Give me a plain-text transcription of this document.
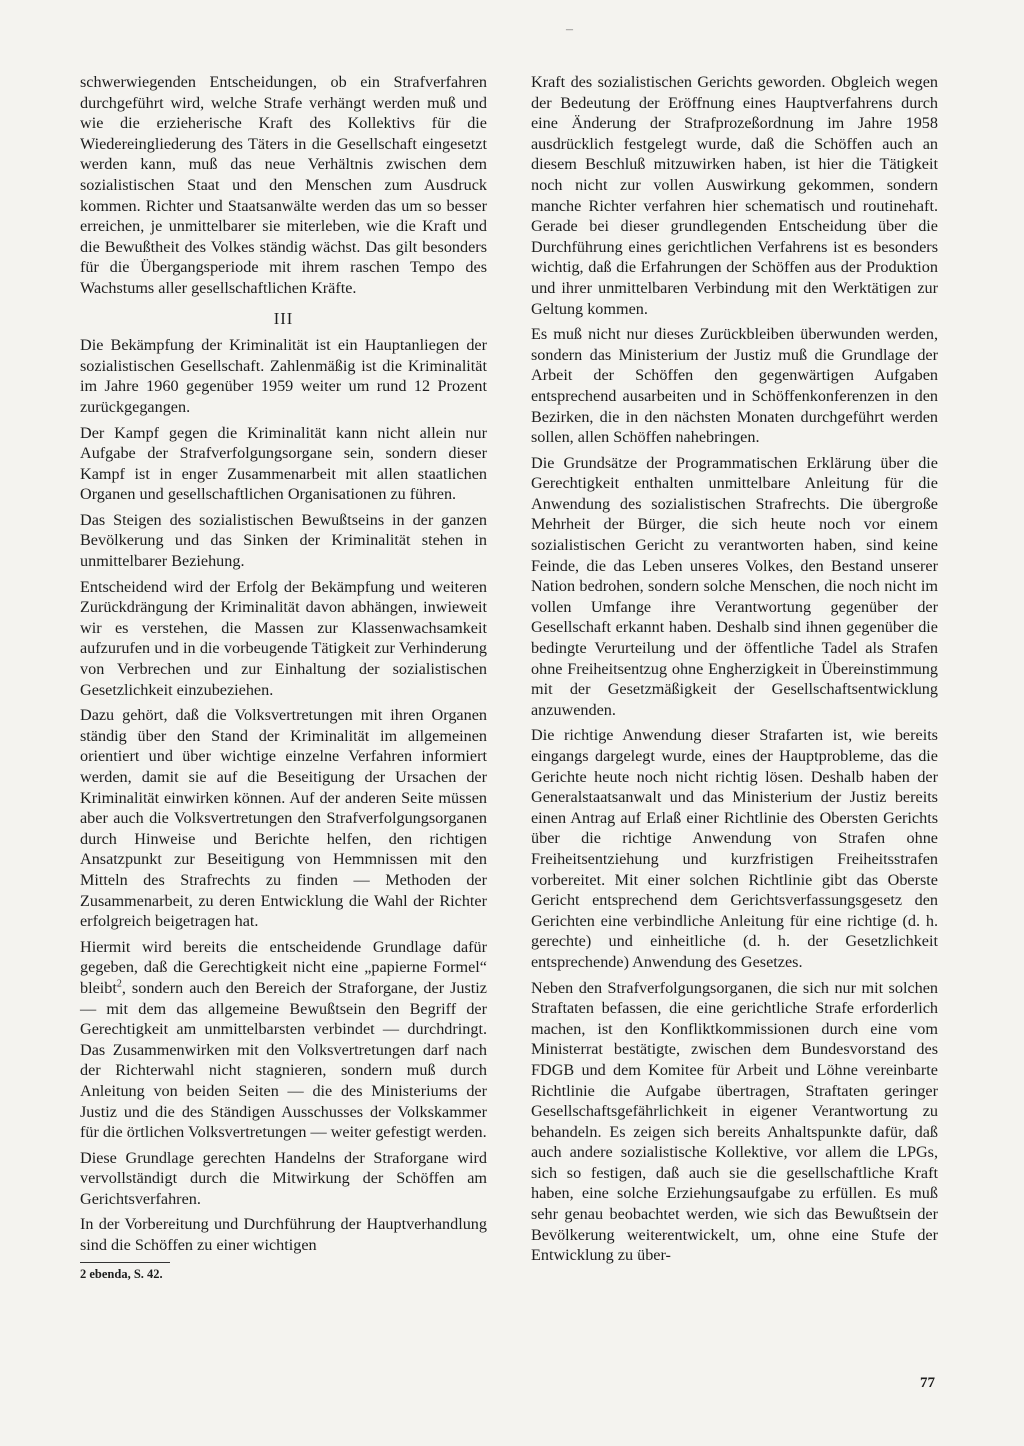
–

schwerwiegenden Entscheidungen, ob ein Strafverfahren durchgeführt wird, welche Strafe verhängt werden muß und wie die erzieherische Kraft des Kollektivs für die Wiedereingliederung des Täters in die Gesellschaft eingesetzt werden kann, muß das neue Verhältnis zwischen dem sozialistischen Staat und den Menschen zum Ausdruck kommen. Richter und Staatsanwälte werden das um so besser erreichen, je unmittelbarer sie miterleben, wie die Kraft und die Bewußtheit des Volkes ständig wächst. Das gilt besonders für die Übergangsperiode mit ihrem raschen Tempo des Wachstums aller gesellschaftlichen Kräfte.

III

Die Bekämpfung der Kriminalität ist ein Hauptanliegen der sozialistischen Gesellschaft. Zahlenmäßig ist die Kriminalität im Jahre 1960 gegenüber 1959 weiter um rund 12 Prozent zurückgegangen.

Der Kampf gegen die Kriminalität kann nicht allein nur Aufgabe der Strafverfolgungsorgane sein, sondern dieser Kampf ist in enger Zusammenarbeit mit allen staatlichen Organen und gesellschaftlichen Organisationen zu führen.

Das Steigen des sozialistischen Bewußtseins in der ganzen Bevölkerung und das Sinken der Kriminalität stehen in unmittelbarer Beziehung.

Entscheidend wird der Erfolg der Bekämpfung und weiteren Zurückdrängung der Kriminalität davon abhängen, inwieweit wir es verstehen, die Massen zur Klassenwachsamkeit aufzurufen und in die vorbeugende Tätigkeit zur Verhinderung von Verbrechen und zur Einhaltung der sozialistischen Gesetzlichkeit einzubeziehen.

Dazu gehört, daß die Volksvertretungen mit ihren Organen ständig über den Stand der Kriminalität im allgemeinen orientiert und über wichtige einzelne Verfahren informiert werden, damit sie auf die Beseitigung der Ursachen der Kriminalität einwirken können. Auf der anderen Seite müssen aber auch die Volksvertretungen den Strafverfolgungsorganen durch Hinweise und Berichte helfen, den richtigen Ansatzpunkt zur Beseitigung von Hemmnissen mit den Mitteln des Strafrechts zu finden — Methoden der Zusammenarbeit, zu deren Entwicklung die Wahl der Richter erfolgreich beigetragen hat.

Hiermit wird bereits die entscheidende Grundlage dafür gegeben, daß die Gerechtigkeit nicht eine „papierne Formel“ bleibt$^2$, sondern auch den Bereich der Straforgane, der Justiz — mit dem das allgemeine Bewußtsein den Begriff der Gerechtigkeit am unmittelbarsten verbindet — durchdringt. Das Zusammenwirken mit den Volksvertretungen darf nach der Richterwahl nicht stagnieren, sondern muß durch Anleitung von beiden Seiten — die des Ministeriums der Justiz und die des Ständigen Ausschusses der Volkskammer für die örtlichen Volksvertretungen — weiter gefestigt werden.

Diese Grundlage gerechten Handelns der Straforgane wird vervollständigt durch die Mitwirkung der Schöffen am Gerichtsverfahren.

In der Vorbereitung und Durchführung der Hauptverhandlung sind die Schöffen zu einer wichtigen

2 ebenda, S. 42.

Kraft des sozialistischen Gerichts geworden. Obgleich wegen der Bedeutung der Eröffnung eines Hauptverfahrens durch eine Änderung der Strafprozeßordnung im Jahre 1958 ausdrücklich festgelegt wurde, daß die Schöffen auch an diesem Beschluß mitzuwirken haben, ist hier die Tätigkeit noch nicht zur vollen Auswirkung gekommen, sondern manche Richter verfahren hier schematisch und routinehaft. Gerade bei dieser grundlegenden Entscheidung über die Durchführung eines gerichtlichen Verfahrens ist es besonders wichtig, daß die Erfahrungen der Schöffen aus der Produktion und ihrer unmittelbaren Verbindung mit den Werktätigen zur Geltung kommen.

Es muß nicht nur dieses Zurückbleiben überwunden werden, sondern das Ministerium der Justiz muß die Grundlage der Arbeit der Schöffen den gegenwärtigen Aufgaben entsprechend ausarbeiten und in Schöffenkonferenzen in den Bezirken, die in den nächsten Monaten durchgeführt werden sollen, allen Schöffen nahebringen.

Die Grundsätze der Programmatischen Erklärung über die Gerechtigkeit enthalten unmittelbare Anleitung für die Anwendung des sozialistischen Strafrechts. Die übergroße Mehrheit der Bürger, die sich heute noch vor einem sozialistischen Gericht zu verantworten haben, sind keine Feinde, die das Leben unseres Volkes, den Bestand unserer Nation bedrohen, sondern solche Menschen, die noch nicht im vollen Umfange ihre Verantwortung gegenüber der Gesellschaft erkannt haben. Deshalb sind ihnen gegenüber die bedingte Verurteilung und der öffentliche Tadel als Strafen ohne Freiheitsentzug ohne Engherzigkeit in Übereinstimmung mit der Gesetzmäßigkeit der Gesellschaftsentwicklung anzuwenden.

Die richtige Anwendung dieser Strafarten ist, wie bereits eingangs dargelegt wurde, eines der Hauptprobleme, das die Gerichte heute noch nicht richtig lösen. Deshalb haben der Generalstaatsanwalt und das Ministerium der Justiz bereits einen Antrag auf Erlaß einer Richtlinie des Obersten Gerichts über die richtige Anwendung von Strafen ohne Freiheitsentziehung und kurzfristigen Freiheitsstrafen vorbereitet. Mit einer solchen Richtlinie gibt das Oberste Gericht entsprechend dem Gerichtsverfassungsgesetz den Gerichten eine verbindliche Anleitung für eine richtige (d. h. gerechte) und einheitliche (d. h. der Gesetzlichkeit entsprechende) Anwendung des Gesetzes.

Neben den Strafverfolgungsorganen, die sich nur mit solchen Straftaten befassen, die eine gerichtliche Strafe erforderlich machen, ist den Konfliktkommissionen durch eine vom Ministerrat bestätigte, zwischen dem Bundesvorstand des FDGB und dem Komitee für Arbeit und Löhne vereinbarte Richtlinie die Aufgabe übertragen, Straftaten geringer Gesellschaftsgefährlichkeit in eigener Verantwortung zu behandeln. Es zeigen sich bereits Anhaltspunkte dafür, daß auch andere sozialistische Kollektive, vor allem die LPGs, sich so festigen, daß auch sie die gesellschaftliche Kraft haben, eine solche Erziehungsaufgabe zu erfüllen. Es muß sehr genau beobachtet werden, wie sich das Bewußtsein der Bevölkerung weiterentwickelt, um, ohne eine Stufe der Entwicklung zu über-

77
